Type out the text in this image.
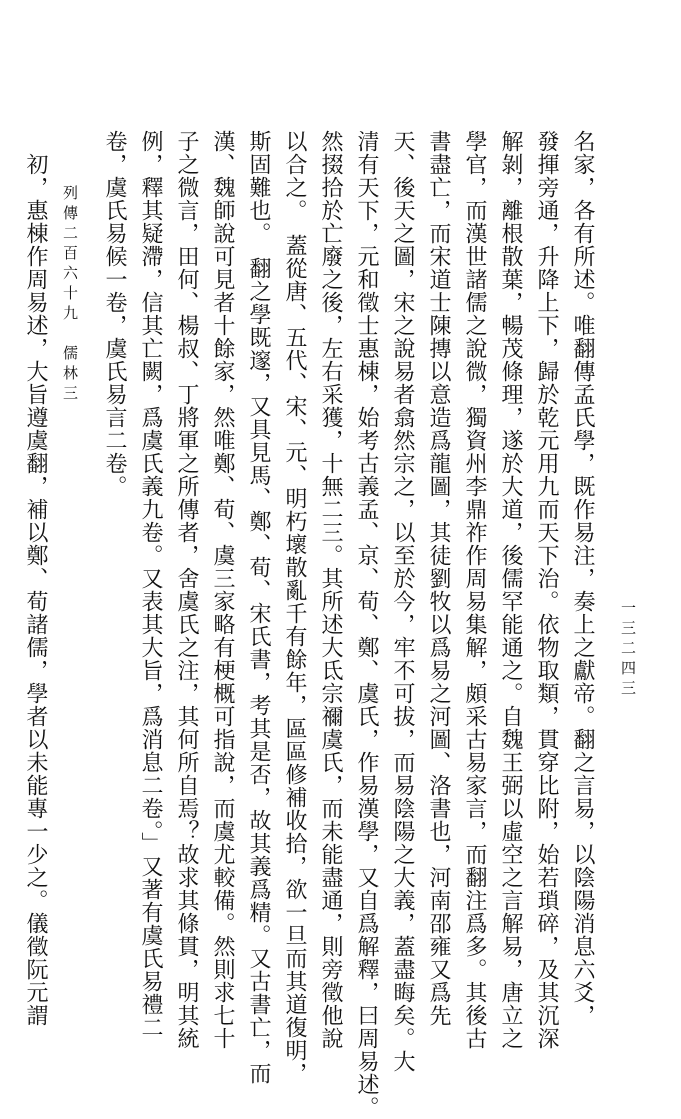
一三二四三
名家，各有所述。唯翻傳孟氏學，既作易注，奏上之獻帝。翻之言易，以陰陽消息六爻，
發揮旁通，升降上下，歸於乾元用九而天下治。依物取類，貫穿比附，始若瑣碎，及其沉深
解剝，離根散葉，暢茂條理，遂於大道，後儒罕能通之。自魏王弼以虛空之言解易，唐立之
學官，而漢世諸儒之說微，獨資州李鼎祚作周易集解，頗采古易家言，而翻注爲多。其後古
書盡亡，而宋道士陳摶以意造爲龍圖，其徒劉牧以爲易之河圖、洛書也，河南邵雍又爲先
天、後天之圖，宋之說易者翕然宗之，以至於今，牢不可拔，而易陰陽之大義，蓋盡晦矣。大
清有天下，元和徵士惠棟，始考古義孟、京、荀、鄭、虞氏，作易漢學，又自爲解釋，曰周易述。
然掇拾於亡廢之後，左右采獲，十無二三。其所述大氐宗禰虞氏，而未能盡通，則旁徵他說
以合之。　蓋從唐、五代、宋、元、明朽壞散亂千有餘年，區區修補收拾，欲一旦而其道復明，
斯固難也。　翻之學既邃，又具見馬、鄭、荀、宋氏書，考其是否，故其義爲精。又古書亡，而
漢、魏師說可見者十餘家，然唯鄭、荀、虞三家略有梗概可指說，而虞尤較備。然則求七十
子之微言，田何、楊叔、丁將軍之所傳者，舍虞氏之注，其何所自焉？故求其條貫，明其統
例，釋其疑滯，信其亡闕，爲虞氏義九卷。又表其大旨，爲消息二卷。」又著有虞氏易禮二
卷，虞氏易候一卷，虞氏易言二卷。
列傳二百六十九　儒林三
　初，惠棟作周易述，大旨遵虞翻，補以鄭、荀諸儒，學者以未能專一少之。儀徵阮元謂
